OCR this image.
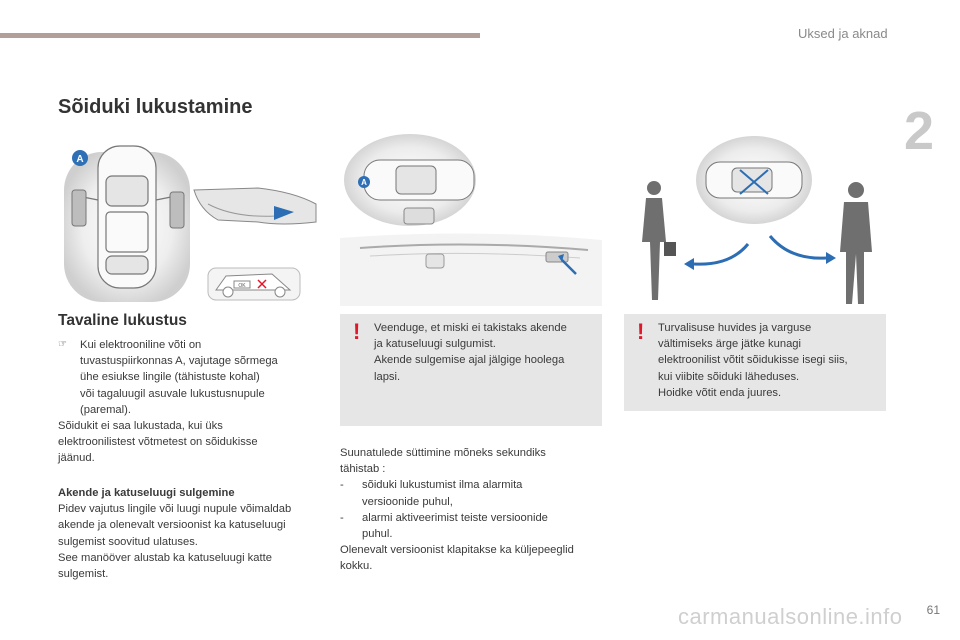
Uksed ja aknad
2
Sõiduki lukustamine
A
OK
A
Tavaline lukustus
☞	Kui elektrooniline võti on
tuvastuspiirkonnas A, vajutage sõrmega
ühe esiukse lingile (tähistuste kohal)
või tagaluugil asuvale lukustusnupule
(paremal).
Sõidukit ei saa lukustada, kui üks
elektroonilistest võtmetest on sõidukisse
jäänud.
Akende ja katuseluugi sulgemine
Pidev vajutus lingile või luugi nupule võimaldab
akende ja olenevalt versioonist ka katuseluugi
sulgemist soovitud ulatuses.
See manööver alustab ka katuseluugi katte
sulgemist.
! Veenduge, et miski ei takistaks akende
ja katuseluugi sulgumist.
Akende sulgemise ajal jälgige hoolega
lapsi.
Suunatulede süttimine mõneks sekundiks
tähistab :
-	sõiduki lukustumist ilma alarmita
versioonide puhul,
-	alarmi aktiveerimist teiste versioonide
puhul.
Olenevalt versioonist klapitakse ka küljepeeglid
kokku.
! Turvalisuse huvides ja varguse
vältimiseks ärge jätke kunagi
elektroonilist võtit sõidukisse isegi siis,
kui viibite sõiduki läheduses.
Hoidke võtit enda juures.
carmanualsonline.info 61
